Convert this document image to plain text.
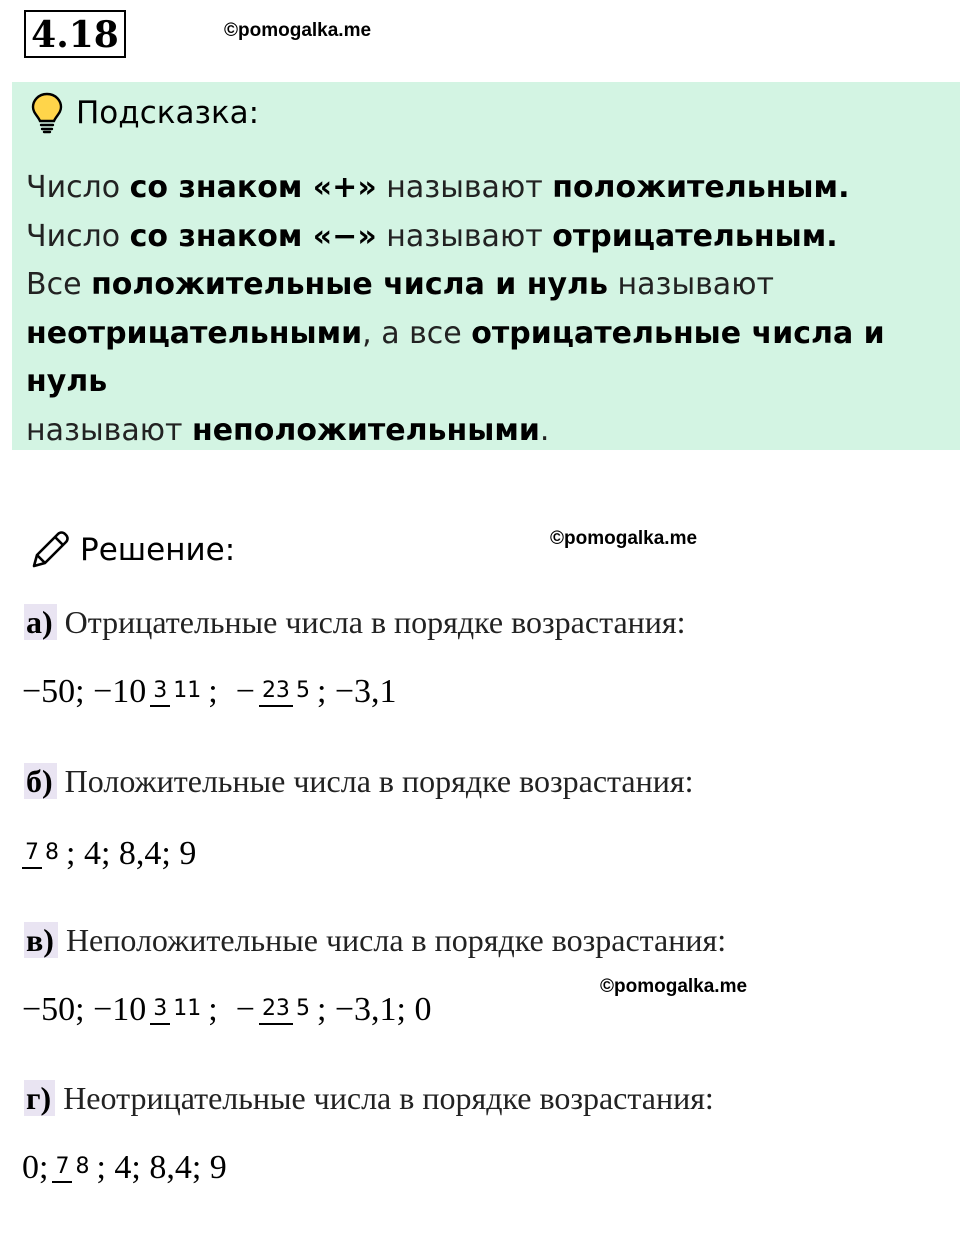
4.18	©pomogalka.me
Подсказка:
Число со знаком «+» называют положительным.
Число со знаком «−» называют отрицательным.
Все положительные числа и нуль называют
неотрицательными, а все отрицательные числа и нуль
называют неположительными.
Решение:	©pomogalka.me
а) Отрицательные числа в порядке возрастания:
−50; −10 3 11 ; − 23 5 ; −3,1
б) Положительные числа в порядке возрастания:
7 8 ; 4; 8,4; 9
в) Неположительные числа в порядке возрастания:
©pomogalka.me
−50; −10 3 11 ; − 23 5 ; −3,1; 0
г) Неотрицательные числа в порядке возрастания:
0; 7 8 ; 4; 8,4; 9
